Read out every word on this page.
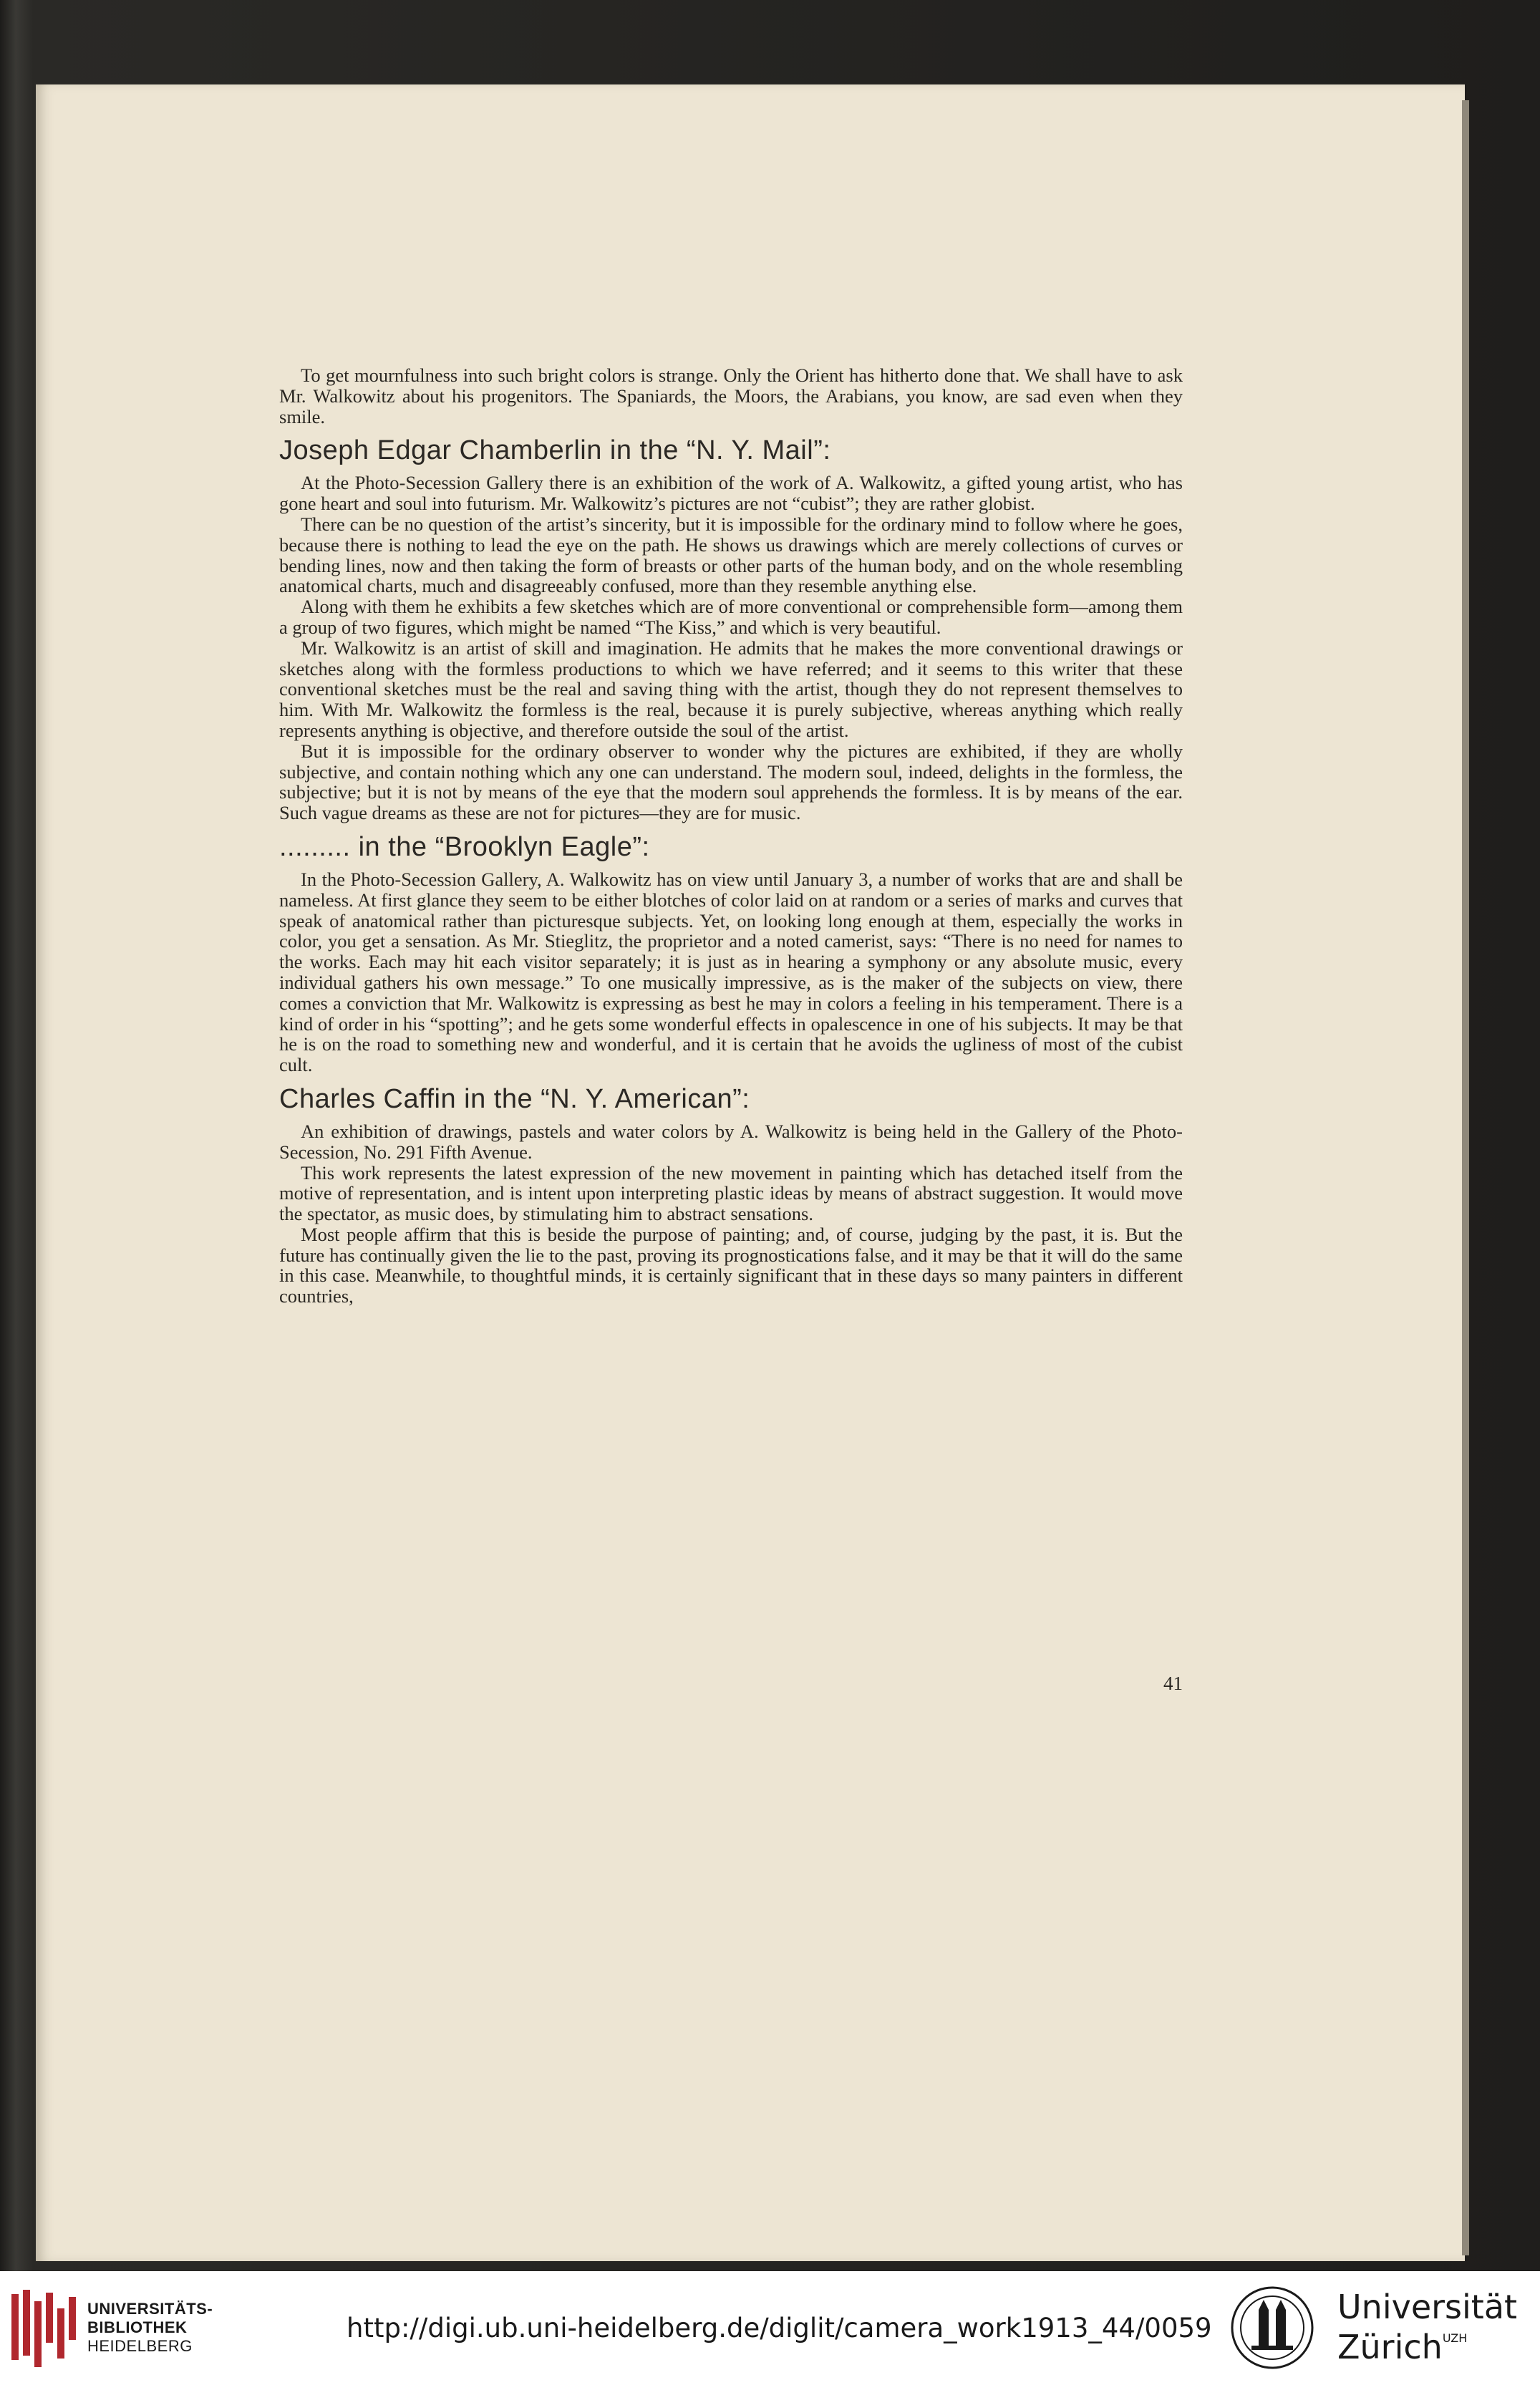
To get mournfulness into such bright colors is strange. Only the Orient has hitherto done that. We shall have to ask Mr. Walkowitz about his progenitors. The Spaniards, the Moors, the Arabians, you know, are sad even when they smile.

Joseph Edgar Chamberlin in the “N. Y. Mail”:

At the Photo-Secession Gallery there is an exhibition of the work of A. Walkowitz, a gifted young artist, who has gone heart and soul into futurism. Mr. Walkowitz’s pictures are not “cubist”; they are rather globist.

There can be no question of the artist’s sincerity, but it is impossible for the ordinary mind to follow where he goes, because there is nothing to lead the eye on the path. He shows us drawings which are merely collections of curves or bending lines, now and then taking the form of breasts or other parts of the human body, and on the whole resembling anatomical charts, much and disagreeably confused, more than they resemble anything else.

Along with them he exhibits a few sketches which are of more conventional or comprehensible form—among them a group of two figures, which might be named “The Kiss,” and which is very beautiful.

Mr. Walkowitz is an artist of skill and imagination. He admits that he makes the more conventional drawings or sketches along with the formless productions to which we have referred; and it seems to this writer that these conventional sketches must be the real and saving thing with the artist, though they do not represent themselves to him. With Mr. Walkowitz the formless is the real, because it is purely subjective, whereas anything which really represents anything is objective, and therefore outside the soul of the artist.

But it is impossible for the ordinary observer to wonder why the pictures are exhibited, if they are wholly subjective, and contain nothing which any one can understand. The modern soul, indeed, delights in the formless, the subjective; but it is not by means of the eye that the modern soul apprehends the formless. It is by means of the ear. Such vague dreams as these are not for pictures—they are for music.

......... in the “Brooklyn Eagle”:

In the Photo-Secession Gallery, A. Walkowitz has on view until January 3, a number of works that are and shall be nameless. At first glance they seem to be either blotches of color laid on at random or a series of marks and curves that speak of anatomical rather than picturesque subjects. Yet, on looking long enough at them, especially the works in color, you get a sensation. As Mr. Stieglitz, the proprietor and a noted camerist, says: “There is no need for names to the works. Each may hit each visitor separately; it is just as in hearing a symphony or any absolute music, every individual gathers his own message.” To one musically impressive, as is the maker of the subjects on view, there comes a conviction that Mr. Walkowitz is expressing as best he may in colors a feeling in his temperament. There is a kind of order in his “spotting”; and he gets some wonderful effects in opalescence in one of his subjects. It may be that he is on the road to something new and wonderful, and it is certain that he avoids the ugliness of most of the cubist cult.

Charles Caffin in the “N. Y. American”:

An exhibition of drawings, pastels and water colors by A. Walkowitz is being held in the Gallery of the Photo-Secession, No. 291 Fifth Avenue.

This work represents the latest expression of the new movement in painting which has detached itself from the motive of representation, and is intent upon interpreting plastic ideas by means of abstract suggestion. It would move the spectator, as music does, by stimulating him to abstract sensations.

Most people affirm that this is beside the purpose of painting; and, of course, judging by the past, it is. But the future has continually given the lie to the past, proving its prognostications false, and it may be that it will do the same in this case. Meanwhile, to thoughtful minds, it is certainly significant that in these days so many painters in different countries,

41
UNIVERSITÄTS-
BIBLIOTHEK
HEIDELBERG
http://digi.ub.uni-heidelberg.de/diglit/camera_work1913_44/0059
Universität
ZürichUZH
